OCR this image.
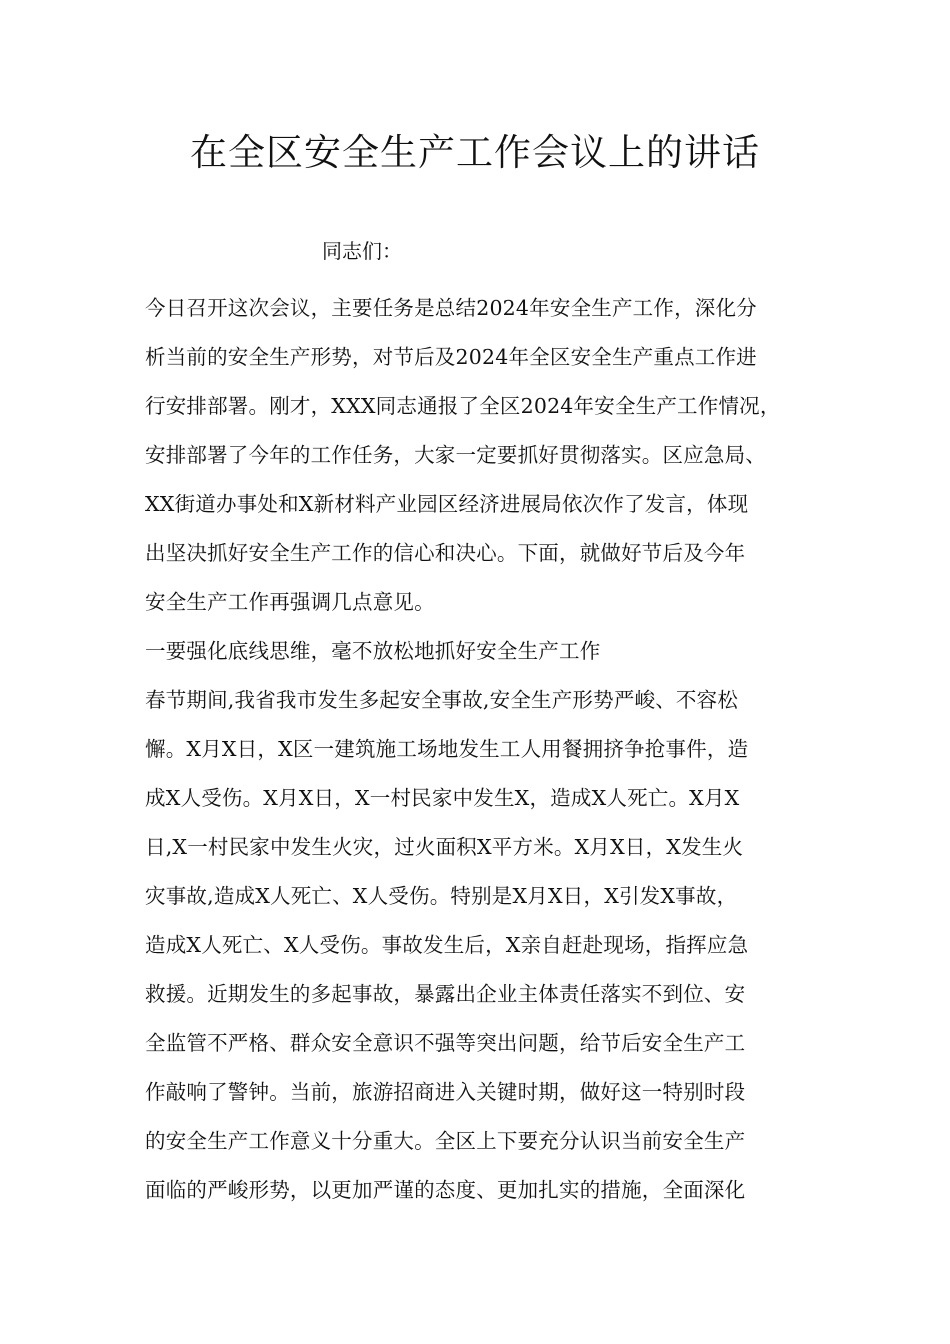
在全区安全生产工作会议上的讲话
同志们：
今日召开这次会议，主要任务是总结2024年安全生产工作，深化分
析当前的安全生产形势，对节后及2024年全区安全生产重点工作进
行安排部署。刚才，XXX同志通报了全区2024年安全生产工作情况，
安排部署了今年的工作任务，大家一定要抓好贯彻落实。区应急局、
XX街道办事处和X新材料产业园区经济进展局依次作了发言，体现
出坚决抓好安全生产工作的信心和决心。下面，就做好节后及今年
安全生产工作再强调几点意见。
一要强化底线思维，毫不放松地抓好安全生产工作
春节期间,我省我市发生多起安全事故,安全生产形势严峻、不容松
懈。X月X日，X区一建筑施工场地发生工人用餐拥挤争抢事件，造
成X人受伤。X月X日，X一村民家中发生X，造成X人死亡。X月X
日,X一村民家中发生火灾，过火面积X平方米。X月X日，X发生火
灾事故,造成X人死亡、X人受伤。特别是X月X日，X引发X事故，
造成X人死亡、X人受伤。事故发生后，X亲自赶赴现场，指挥应急
救援。近期发生的多起事故，暴露出企业主体责任落实不到位、安
全监管不严格、群众安全意识不强等突出问题，给节后安全生产工
作敲响了警钟。当前，旅游招商进入关键时期，做好这一特别时段
的安全生产工作意义十分重大。全区上下要充分认识当前安全生产
面临的严峻形势，以更加严谨的态度、更加扎实的措施，全面深化
